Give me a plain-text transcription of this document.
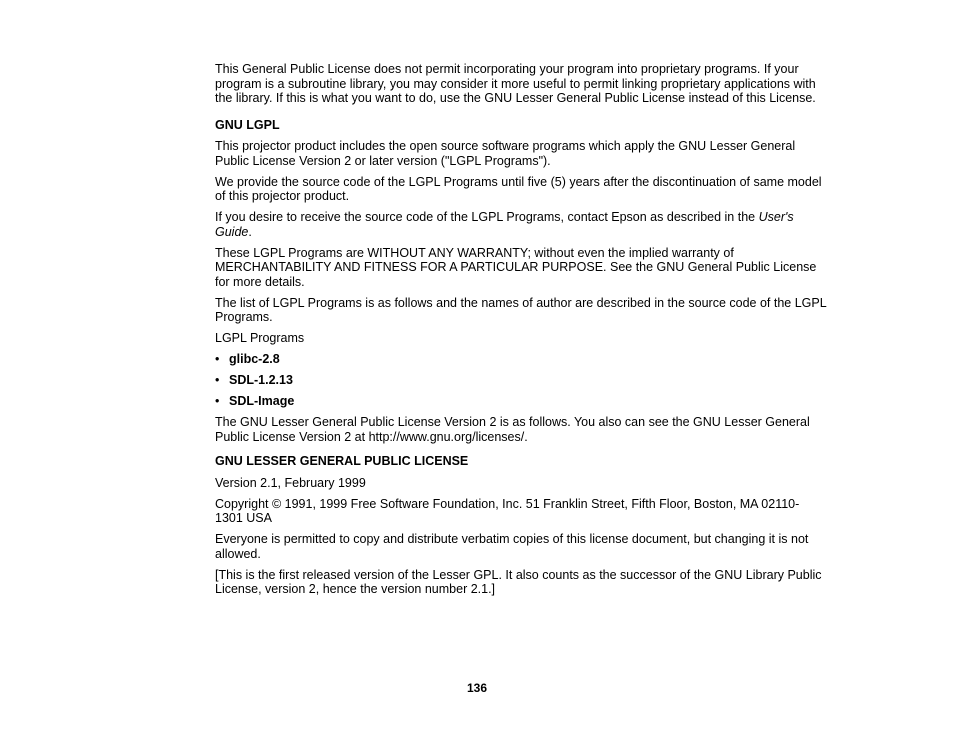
This General Public License does not permit incorporating your program into proprietary programs. If your program is a subroutine library, you may consider it more useful to permit linking proprietary applications with the library. If this is what you want to do, use the GNU Lesser General Public License instead of this License.

GNU LGPL

This projector product includes the open source software programs which apply the GNU Lesser General Public License Version 2 or later version ("LGPL Programs").

We provide the source code of the LGPL Programs until five (5) years after the discontinuation of same model of this projector product.

If you desire to receive the source code of the LGPL Programs, contact Epson as described in the User's Guide.

These LGPL Programs are WITHOUT ANY WARRANTY; without even the implied warranty of MERCHANTABILITY AND FITNESS FOR A PARTICULAR PURPOSE. See the GNU General Public License for more details.

The list of LGPL Programs is as follows and the names of author are described in the source code of the LGPL Programs.

LGPL Programs

• glibc-2.8
• SDL-1.2.13
• SDL-Image

The GNU Lesser General Public License Version 2 is as follows. You also can see the GNU Lesser General Public License Version 2 at http://www.gnu.org/licenses/.

GNU LESSER GENERAL PUBLIC LICENSE

Version 2.1, February 1999

Copyright © 1991, 1999 Free Software Foundation, Inc. 51 Franklin Street, Fifth Floor, Boston, MA 02110-1301 USA

Everyone is permitted to copy and distribute verbatim copies of this license document, but changing it is not allowed.

[This is the first released version of the Lesser GPL. It also counts as the successor of the GNU Library Public License, version 2, hence the version number 2.1.]

136
